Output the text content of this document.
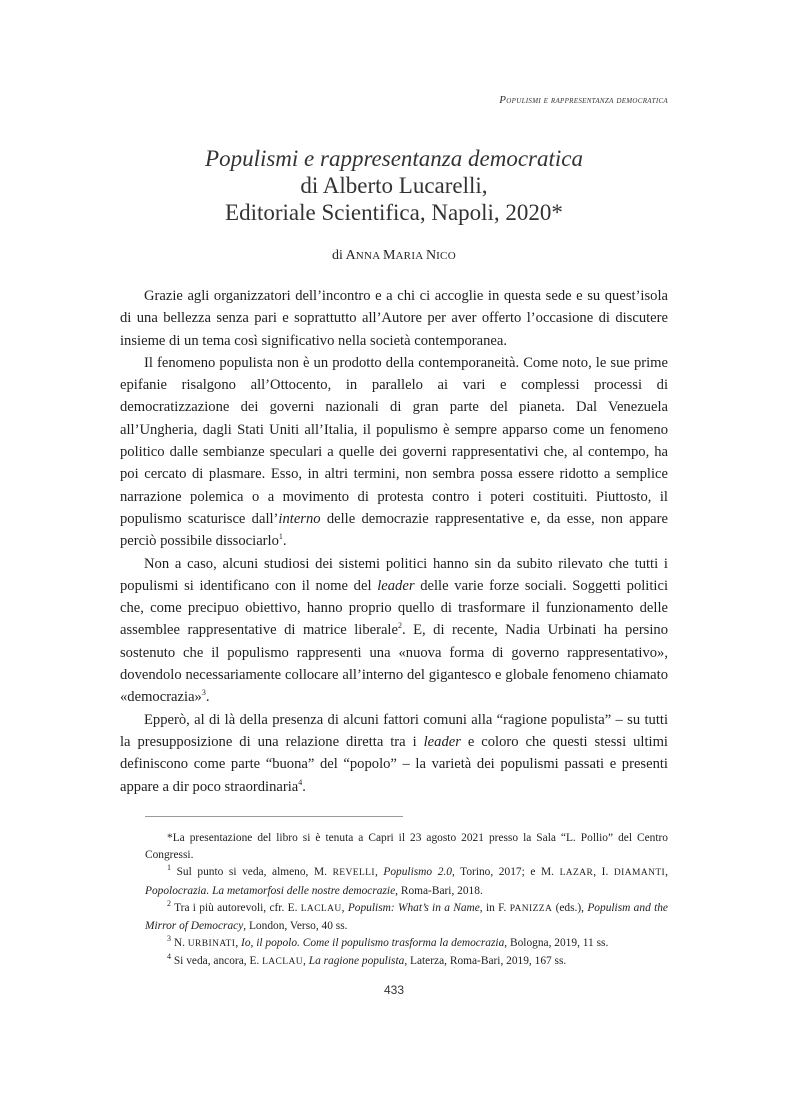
Populismi e rappresentanza democratica
Populismi e rappresentanza democratica
di Alberto Lucarelli,
Editoriale Scientifica, Napoli, 2020*
di ANNA MARIA NICO

Grazie agli organizzatori dell’incontro e a chi ci accoglie in questa sede e su quest’isola di una bellezza senza pari e soprattutto all’Autore per aver offerto l’occasione di discutere insieme di un tema così significativo nella società contemporanea.

Il fenomeno populista non è un prodotto della contemporaneità. Come noto, le sue prime epifanie risalgono all’Ottocento, in parallelo ai vari e complessi processi di democratizzazione dei governi nazionali di gran parte del pianeta. Dal Venezuela all’Ungheria, dagli Stati Uniti all’Italia, il populismo è sempre apparso come un fenomeno politico dalle sembianze speculari a quelle dei governi rappresentativi che, al contempo, ha poi cercato di plasmare. Esso, in altri termini, non sembra possa essere ridotto a semplice narrazione polemica o a movimento di protesta contro i poteri costituiti. Piuttosto, il populismo scaturisce dall’interno delle democrazie rappresentative e, da esse, non appare perciò possibile dissociarlo$^1$.

Non a caso, alcuni studiosi dei sistemi politici hanno sin da subito rilevato che tutti i populismi si identificano con il nome del leader delle varie forze sociali. Soggetti politici che, come precipuo obiettivo, hanno proprio quello di trasformare il funzionamento delle assemblee rappresentative di matrice liberale$^2$. E, di recente, Nadia Urbinati ha persino sostenuto che il populismo rappresenti una «nuova forma di governo rappresentativo», dovendolo necessariamente collocare all’interno del gigantesco e globale fenomeno chiamato «democrazia»$^3$.

Epperò, al di là della presenza di alcuni fattori comuni alla “ragione populista” – su tutti la presupposizione di una relazione diretta tra i leader e coloro che questi stessi ultimi definiscono come parte “buona” del “popolo” – la varietà dei populismi passati e presenti appare a dir poco straordinaria$^4$.

*La presentazione del libro si è tenuta a Capri il 23 agosto 2021 presso la Sala “L. Pollio” del Centro Congressi.

$^1$ Sul punto si veda, almeno, M. REVELLI, Populismo 2.0, Torino, 2017; e M. LAZAR, I. DIAMANTI, Popolocrazia. La metamorfosi delle nostre democrazie, Roma-Bari, 2018.

$^2$ Tra i più autorevoli, cfr. E. LACLAU, Populism: What’s in a Name, in F. PANIZZA (eds.), Populism and the Mirror of Democracy, London, Verso, 40 ss.

$^3$ N. URBINATI, Io, il popolo. Come il populismo trasforma la democrazia, Bologna, 2019, 11 ss.

$^4$ Si veda, ancora, E. LACLAU, La ragione populista, Laterza, Roma-Bari, 2019, 167 ss.

433
